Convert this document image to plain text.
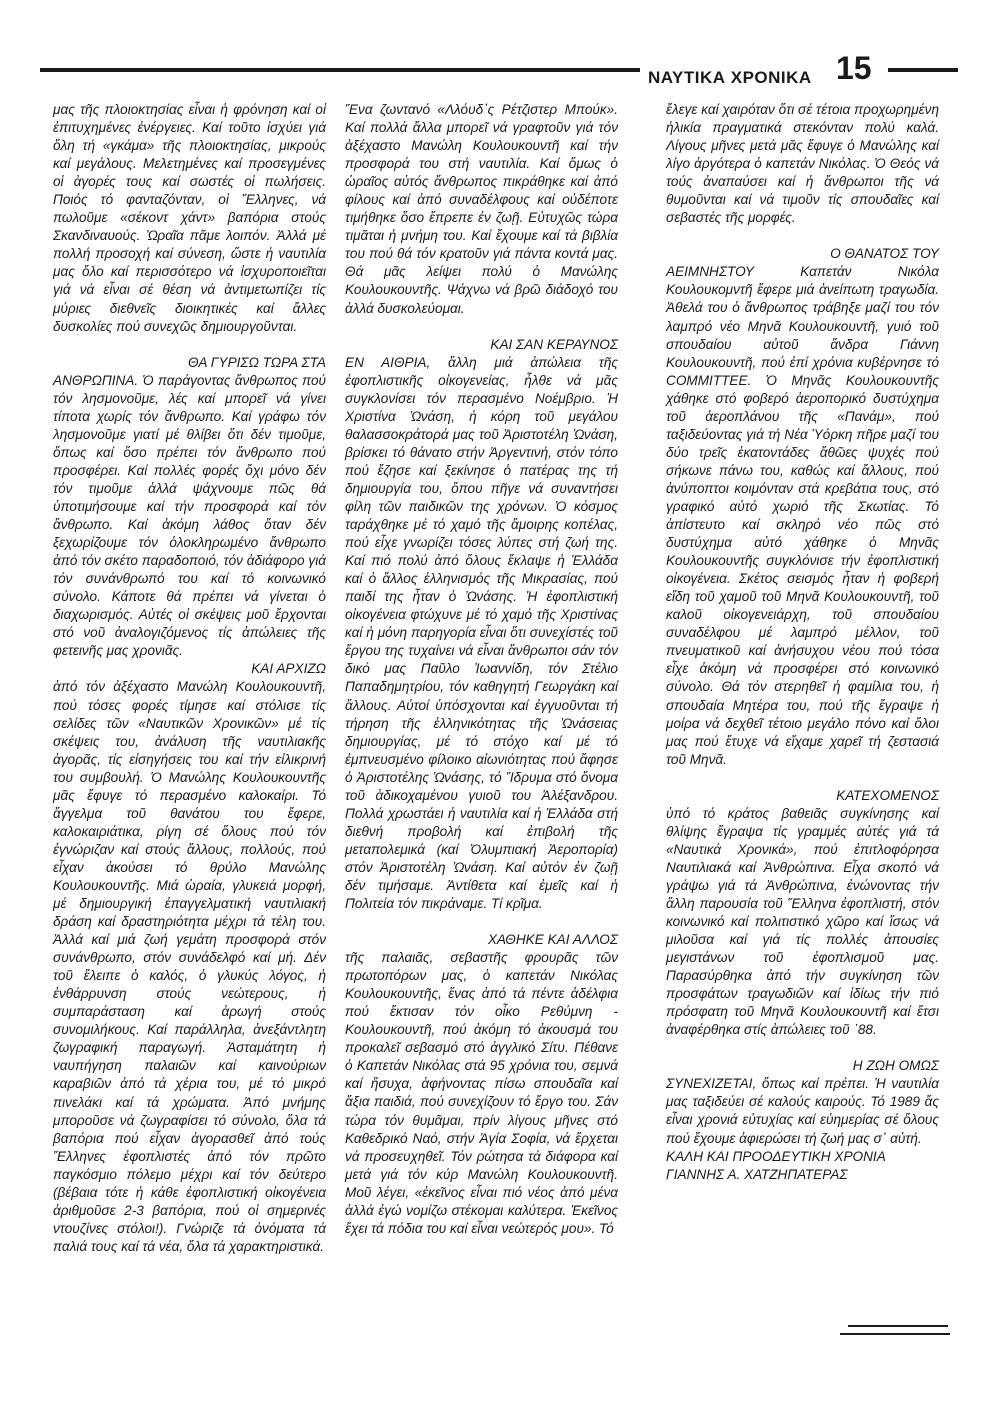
ΝΑΥΤΙΚΑ ΧΡΟΝΙΚΑ 15

μας τῆς πλοιοκτησίας εἶναι ἡ φρόνηση καί οἱ ἐπιτυχημένες ἐνέργειες. Καί τοῦτο ἰσχύει γιά ὅλη τή «γκάμα» τῆς πλοιοκτησίας, μικρούς καί μεγάλους. Μελετημένες καί προσεγμένες οἱ ἀγορές τους καί σωστές οἱ πωλήσεις. Ποιός τό φανταζόνταν, οἱ Ἕλληνες, νά πωλοῦμε «σέκοντ χάντ» βαπόρια στούς Σκανδιναυούς. Ὡραῖα πᾶμε λοιπόν. Ἀλλά μέ πολλή προσοχή καί σύνεση, ὥστε ἡ ναυτιλία μας ὅλο καί περισσότερο νά ἰσχυροποιεῖται γιά νά εἶναι σέ θέση νά ἀντιμετωπίζει τίς μύριες διεθνεῖς διοικητικές καί ἄλλες δυσκολίες πού συνεχῶς δημιουργοῦνται.

ΘΑ ΓΥΡΙΣΩ ΤΩΡΑ ΣΤΑ

ΑΝΘΡΩΠΙΝΑ. Ὁ παράγοντας ἄνθρωπος πού τόν λησμονοῦμε, λές καί μπορεῖ νά γίνει τίποτα χωρίς τόν ἄνθρωπο. Καί γράφω τόν λησμονοῦμε γιατί μέ θλίβει ὅτι δέν τιμοῦμε, ὅπως καί ὅσο πρέπει τόν ἄνθρωπο πού προσφέρει. Καί πολλές φορές ὄχι μόνο δέν τόν τιμοῦμε ἀλλά ψάχνουμε πῶς θά ὑποτιμήσουμε καί τήν προσφορά καί τόν ἄνθρωπο. Καί ἀκόμη λάθος ὅταν δέν ξεχωρίζουμε τόν ὁλοκληρωμένο ἄνθρωπο ἀπό τόν σκέτο παραδοποιό, τόν ἀδιάφορο γιά τόν συνάνθρωπό του καί τό κοινωνικό σύνολο. Κάποτε θά πρέπει νά γίνεται ὁ διαχωρισμός. Αὐτές οἱ σκέψεις μοῦ ἔρχονται στό νοῦ ἀναλογιζόμενος τίς ἀπώλειες τῆς φετεινῆς μας χρονιᾶς.

ΚΑΙ ΑΡΧΙΖΩ

ἀπό τόν ἀξέχαστο Μανώλη Κουλουκουντῆ, πού τόσες φορές τίμησε καί στόλισε τίς σελίδες τῶν «Ναυτικῶν Χρονικῶν» μέ τίς σκέψεις του, ἀνάλυση τῆς ναυτιλιακῆς ἀγορᾶς, τίς εἰσηγήσεις του καί τήν εἰλικρινή του συμβουλή. Ὁ Μανώλης Κουλουκουντῆς μᾶς ἔφυγε τό περασμένο καλοκαίρι. Τό ἄγγελμα τοῦ θανάτου του ἔφερε, καλοκαιριάτικα, ρίγη σέ ὅλους πού τόν ἐγνώριζαν καί στούς ἄλλους, πολλούς, πού εἶχαν ἀκούσει τό θρύλο Μανώλης Κουλουκουντῆς. Μιά ὡραία, γλυκειά μορφή, μέ δημιουργική ἐπαγγελματική ναυτιλιακή δράση καί δραστηριότητα μέχρι τά τέλη του. Ἀλλά καί μιά ζωή γεμάτη προσφορά στόν συνάνθρωπο, στόν συνάδελφό καί μή. Δέν τοῦ ἔλειπε ὁ καλός, ὁ γλυκύς λόγος, ἡ ἐνθάρρυνση στούς νεώτερους, ἡ συμπαράσταση καί ἀρωγή στούς συνομιλήκους. Καί παράλληλα, ἀνεξάντλητη ζωγραφική παραγωγή. Ἀσταμάτητη ἡ ναυπήγηση παλαιῶν καί καινούριων καραβιῶν ἀπό τά χέρια του, μέ τό μικρό πινελάκι καί τά χρώματα. Ἀπό μνήμης μποροῦσε νά ζωγραφίσει τό σύνολο, ὅλα τά βαπόρια πού εἶχαν ἀγορασθεῖ ἀπό τούς Ἕλληνες ἐφοπλιστές ἀπό τόν πρῶτο παγκόσμιο πόλεμο μέχρι καί τόν δεύτερο (βέβαια τότε ἡ κάθε ἐφοπλιστική οἰκογένεια ἀριθμοῦσε 2-3 βαπόρια, πού οἱ σημερινές ντουζίνες στόλοι!). Γνώριζε τά ὀνόματα τά παλιά τους καί τά νέα, ὅλα τά χαρακτηριστικά.

Ἕνα ζωντανό «Λλόυδ᾽ς Ρέτζιστερ Μπούκ». Καί πολλά ἄλλα μπορεῖ νά γραφτοῦν γιά τόν ἀξέχαστο Μανώλη Κουλουκουντῆ καί τήν προσφορά του στή ναυτιλία. Καί ὅμως ὁ ὡραῖος αὐτός ἄνθρωπος πικράθηκε καί ἀπό φίλους καί ἀπό συναδέλφους καί οὐδέποτε τιμήθηκε ὅσο ἔπρεπε ἐν ζωῇ. Εὐτυχῶς τώρα τιμᾶται ἡ μνήμη του. Καί ἔχουμε καί τά βιβλία του πού θά τόν κρατοῦν γιά πάντα κοντά μας. Θά μᾶς λείψει πολύ ὁ Μανώλης Κουλουκουντῆς. Ψάχνω νά βρῶ διάδοχό του ἀλλά δυσκολεύομαι.

ΚΑΙ ΣΑΝ ΚΕΡΑΥΝΟΣ

ΕΝ ΑΙΘΡΙΑ, ἄλλη μιά ἀπώλεια τῆς ἐφοπλιστικῆς οἰκογενείας, ἦλθε νά μᾶς συγκλονίσει τόν περασμένο Νοέμβριο. Ἡ Χριστίνα Ὠνάση, ἡ κόρη τοῦ μεγάλου θαλασσοκράτορά μας τοῦ Ἀριστοτέλη Ὠνάση, βρίσκει τό θάνατο στήν Ἀργεντινή, στόν τόπο πού ἔζησε καί ξεκίνησε ὁ πατέρας της τή δημιουργία του, ὅπου πῆγε νά συναντήσει φίλη τῶν παιδικῶν της χρόνων. Ὁ κόσμος ταράχθηκε μέ τό χαμό τῆς ἄμοιρης κοπέλας, πού εἶχε γνωρίζει τόσες λύπες στή ζωή της. Καί πιό πολύ ἀπό ὅλους ἔκλαψε ἡ Ἑλλάδα καί ὁ ἄλλος ἑλληνισμός τῆς Μικρασίας, πού παιδί της ἦταν ὁ Ὠνάσης. Ἡ ἐφοπλιστική οἰκογένεια φτώχυνε μέ τό χαμό τῆς Χριστίνας καί ἡ μόνη παρηγορία εἶναι ὅτι συνεχίστές τοῦ ἔργου της τυχαίνει νά εἶναι ἄνθρωποι σάν τόν δικό μας Παῦλο Ἰωαννίδη, τόν Στέλιο Παπαδημητρίου, τόν καθηγητή Γεωργάκη καί ἄλλους. Αὐτοί ὑπόσχονται καί ἐγγυοῦνται τή τήρηση τῆς ἑλληνικότητας τῆς Ὠνάσειας δημιουργίας, μέ τό στόχο καί μέ τό ἐμπνευσμένο φίλοικο αἰωνιότητας πού ἄφησε ὁ Ἀριστοτέλης Ὠνάσης, τό Ἵδρυμα στό ὄνομα τοῦ ἀδικοχαμένου γυιοῦ του Ἀλέξανδρου. Πολλά χρωστάει ἡ ναυτιλία καί ἡ Ἑλλάδα στή διεθνή προβολή καί ἐπιβολή τῆς μεταπολεμικά (καί Ὀλυμπιακή Ἀεροπορία) στόν Ἀριστοτέλη Ὠνάση. Καί αὐτόν ἐν ζωῇ δέν τιμήσαμε. Ἀντίθετα καί ἐμεῖς καί ἡ Πολιτεία τόν πικράναμε. Τί κρῖμα.

ΧΑΘΗΚΕ ΚΑΙ ΑΛΛΟΣ

τῆς παλαιᾶς, σεβαστῆς φρουρᾶς τῶν πρωτοπόρων μας, ὁ καπετάν Νικόλας Κουλουκουντῆς, ἕνας ἀπό τά πέντε ἀδέλφια πού ἔκτισαν τόν οἶκο Ρεθύμνη - Κουλουκουντῆ, πού ἀκόμη τό ἀκουσμά του προκαλεῖ σεβασμό στό ἀγγλικό Σίτυ. Πέθανε ὁ Καπετάν Νικόλας στά 95 χρόνια του, σεμνά καί ἥσυχα, ἀφήνοντας πίσω σπουδαῖα καί ἄξια παιδιά, πού συνεχίζουν τό ἔργο του. Σάν τώρα τόν θυμᾶμαι, πρίν λίγους μῆνες στό Καθεδρικό Ναό, στήν Ἁγία Σοφία, νά ἔρχεται νά προσευχηθεῖ. Τόν ρώτησα τά διάφορα καί μετά γιά τόν κύρ Μανώλη Κουλουκουντῆ. Μοῦ λέγει, «ἐκεῖνος εἶναι πιό νέος ἀπό μένα ἀλλά ἐγώ νομίζω στέκομαι καλύτερα. Ἐκεῖνος ἔχει τά πόδια του καί εἶναι νεώτερός μου». Τό

ἔλεγε καί χαιρόταν ὅτι σέ τέτοια προχωρημένη ἡλικία πραγματικά στεκόνταν πολύ καλά. Λίγους μῆνες μετά μᾶς ἔφυγε ὁ Μανώλης καί λίγο ἀργότερα ὁ καπετάν Νικόλας. Ὁ Θεός νά τούς ἀναπαύσει καί ἡ ἄνθρωποι τῆς νά θυμοῦνται καί νά τιμοῦν τίς σπουδαῖες καί σεβαστές τῆς μορφές.

Ο ΘΑΝΑΤΟΣ ΤΟΥ

ΑΕΙΜΝΗΣΤΟΥ Καπετάν Νικόλα Κουλουκομντῆ ἔφερε μιά ἀνείπωτη τραγωδία. Ἀθελά του ὁ ἄνθρωπος τράβηξε μαζί του τόν λαμπρό νέο Μηνᾶ Κουλουκουντῆ, γυιό τοῦ σπουδαίου αὐτοῦ ἄνδρα Γιάννη Κουλουκουντῆ, πού ἐπί χρόνια κυβέρνησε τό COMMITTEE. Ὁ Μηνᾶς Κουλουκουντῆς χάθηκε στό φοβερό ἀεροπορικό δυστύχημα τοῦ ἀεροπλάνου τῆς «Πανάμ», πού ταξιδεύοντας γιά τή Νέα Ὑόρκη πῆρε μαζί του δύο τρεῖς ἑκατοντάδες ἄθῶες ψυχές πού σήκωνε πάνω του, καθώς καί ἄλλους, πού ἀνύποπτοι κοιμόνταν στά κρεβάτια τους, στό γραφικό αὐτό χωριό τῆς Σκωτίας. Τό ἀπίστευτο καί σκληρό νέο πῶς στό δυστύχημα αὐτό χάθηκε ὁ Μηνᾶς Κουλουκουντῆς συγκλόνισε τήν ἐφοπλιστική οἰκογένεια. Σκέτος σεισμός ἦταν ἡ φοβερή εἴδη τοῦ χαμοῦ τοῦ Μηνᾶ Κουλουκουντῆ, τοῦ καλοῦ οἰκογενειάρχη, τοῦ σπουδαίου συναδέλφου μέ λαμπρό μέλλον, τοῦ πνευματικοῦ καί ἀνήσυχου νέου πού τόσα εἶχε ἀκόμη νά προσφέρει στό κοινωνικό σύνολο. Θά τόν στερηθεῖ ἡ φαμίλια του, ἡ σπουδαία Μητέρα του, πού τῆς ἔγραψε ἡ μοίρα νά δεχθεῖ τέτοιο μεγάλο πόνο καί ὅλοι μας πού ἔτυχε νά εἴχαμε χαρεῖ τή ζεστασιά τοῦ Μηνᾶ.

ΚΑΤΕΧΟΜΕΝΟΣ

ὑπό τό κράτος βαθειᾶς συγκίνησης καί θλίψης ἔγραψα τίς γραμμές αὐτές γιά τά «Ναυτικά Χρονικά», πού ἐπιτλοφόρησα Ναυτιλιακά καί Ἀνθρώπινα. Εἶχα σκοπό νά γράψω γιά τά Ἀνθρώπινα, ἐνώνοντας τήν ἄλλη παρουσία τοῦ Ἕλληνα ἐφοπλιστή, στόν κοινωνικό καί πολιτιστικό χῶρο καί ἴσως νά μιλοῦσα καί γιά τίς πολλές ἀπουσίες μεγιστάνων τοῦ ἐφοπλισμοῦ μας. Παρασύρθηκα ἀπό τήν συγκίνηση τῶν προσφάτων τραγωδιῶν καί ἰδίως τήν πιό πρόσφατη τοῦ Μηνᾶ Κουλουκουντῆ καί ἔτσι ἀναφέρθηκα στίς ἀπώλειες τοῦ ᾿88.

Η ΖΩΗ ΟΜΩΣ

ΣΥΝΕΧΙΖΕΤΑΙ, ὅπως καί πρέπει. Ἡ ναυτιλία μας ταξιδεύει σέ καλούς καιρούς. Τό 1989 ἄς εἶναι χρονιά εὐτυχίας καί εὐημερίας σέ ὅλους πού ἔχουμε ἀφιερώσει τή ζωή μας σ᾽ αὐτή.

ΚΑΛΗ ΚΑΙ ΠΡΟΟΔΕΥΤΙΚΗ ΧΡΟΝΙΑ

ΓΙΑΝΝΗΣ Α. ΧΑΤΖΗΠΑΤΕΡΑΣ
